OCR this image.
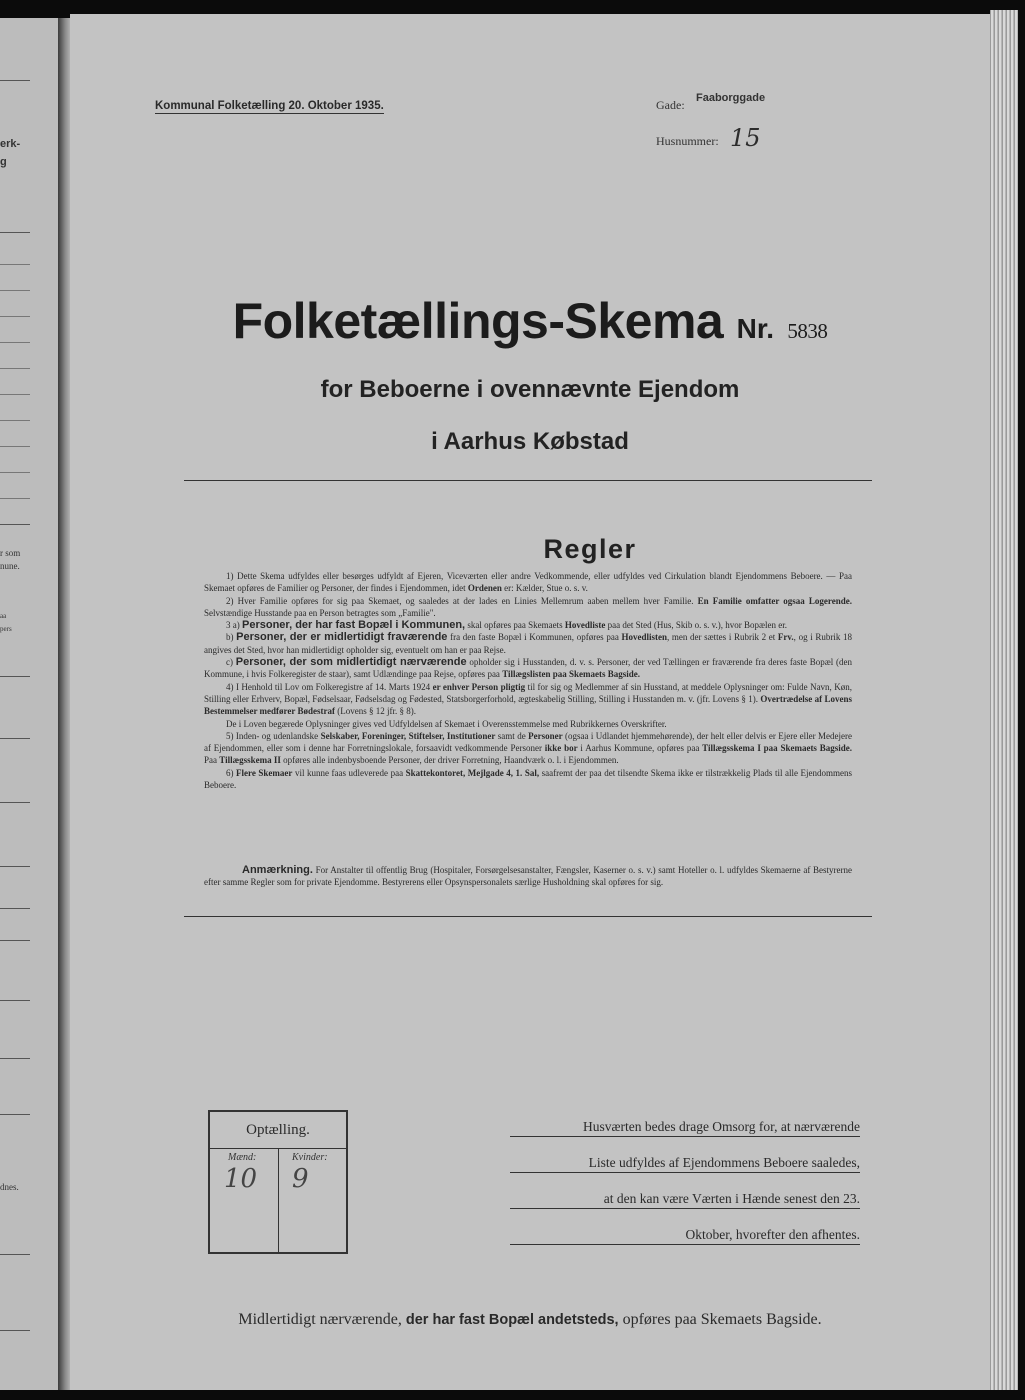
erk-
g
r som
nune.
aa
pers
dnes.
Kommunal Folketælling 20. Oktober 1935.	Gade: Faaborggade
Husnummer: 15
Folketællings-Skema Nr. 5838
for Beboerne i ovennævnte Ejendom
i Aarhus Købstad
Regler

1) Dette Skema udfyldes eller besørges udfyldt af Ejeren, Viceværten eller andre Vedkommende, eller udfyldes ved Cirkulation blandt Ejendommens Beboere. — Paa Skemaet opføres de Familier og Personer, der findes i Ejendommen, idet Ordenen er: Kælder, Stue o. s. v.

2) Hver Familie opføres for sig paa Skemaet, og saaledes at der lades en Linies Mellemrum aaben mellem hver Familie. En Familie omfatter ogsaa Logerende. Selvstændige Husstande paa en Person betragtes som „Familie".

3 a) Personer, der har fast Bopæl i Kommunen, skal opføres paa Skemaets Hovedliste paa det Sted (Hus, Skib o. s. v.), hvor Bopælen er.

b) Personer, der er midlertidigt fraværende fra den faste Bopæl i Kommunen, opføres paa Hovedlisten, men der sættes i Rubrik 2 et Frv., og i Rubrik 18 angives det Sted, hvor han midlertidigt opholder sig, eventuelt om han er paa Rejse.

c) Personer, der som midlertidigt nærværende opholder sig i Husstanden, d. v. s. Personer, der ved Tællingen er fraværende fra deres faste Bopæl (den Kommune, i hvis Folkeregister de staar), samt Udlændinge paa Rejse, opføres paa Tillægslisten paa Skemaets Bagside.

4) I Henhold til Lov om Folkeregistre af 14. Marts 1924 er enhver Person pligtig til for sig og Medlemmer af sin Husstand, at meddele Oplysninger om: Fulde Navn, Køn, Stilling eller Erhverv, Bopæl, Fødselsaar, Fødselsdag og Fødested, Statsborgerforhold, ægteskabelig Stilling, Stilling i Husstanden m. v. (jfr. Lovens § 1). Overtrædelse af Lovens Bestemmelser medfører Bødestraf (Lovens § 12 jfr. § 8).

De i Loven begærede Oplysninger gives ved Udfyldelsen af Skemaet i Overensstemmelse med Rubrikkernes Overskrifter.

5) Inden- og udenlandske Selskaber, Foreninger, Stiftelser, Institutioner samt de Personer (ogsaa i Udlandet hjemmehørende), der helt eller delvis er Ejere eller Medejere af Ejendommen, eller som i denne har Forretningslokale, forsaavidt vedkommende Personer ikke bor i Aarhus Kommune, opføres paa Tillægsskema I paa Skemaets Bagside. Paa Tillægsskema II opføres alle indenbysboende Personer, der driver Forretning, Haandværk o. l. i Ejendommen.

6) Flere Skemaer vil kunne faas udleverede paa Skattekontoret, Mejlgade 4, 1. Sal, saafremt der paa det tilsendte Skema ikke er tilstrækkelig Plads til alle Ejendommens Beboere.

Anmærkning. For Anstalter til offentlig Brug (Hospitaler, Forsørgelsesanstalter, Fængsler, Kaserner o. s. v.) samt Hoteller o. l. udfyldes Skemaerne af Bestyrerne efter samme Regler som for private Ejendomme. Bestyrerens eller Opsynspersonalets særlige Husholdning skal opføres for sig.

Optælling.
Mænd:
10
Kvinder:
9
Husværten bedes drage Omsorg for, at nærværende
Liste udfyldes af Ejendommens Beboere saaledes,
at den kan være Værten i Hænde senest den 23.
Oktober, hvorefter den afhentes.
Midlertidigt nærværende, der har fast Bopæl andetsteds, opføres paa Skemaets Bagside.
